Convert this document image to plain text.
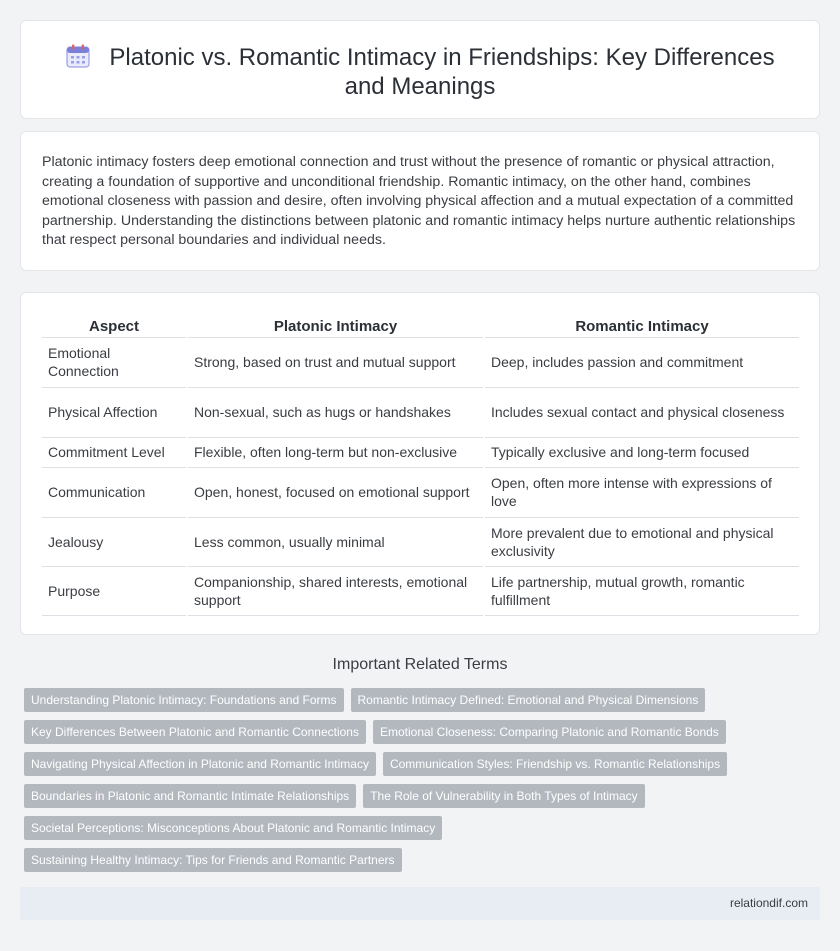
Platonic vs. Romantic Intimacy in Friendships: Key Differences and Meanings

Platonic intimacy fosters deep emotional connection and trust without the presence of romantic or physical attraction, creating a foundation of supportive and unconditional friendship. Romantic intimacy, on the other hand, combines emotional closeness with passion and desire, often involving physical affection and a mutual expectation of a committed partnership. Understanding the distinctions between platonic and romantic intimacy helps nurture authentic relationships that respect personal boundaries and individual needs.

Aspect	Platonic Intimacy	Romantic Intimacy
Emotional Connection	Strong, based on trust and mutual support	Deep, includes passion and commitment
Physical Affection	Non-sexual, such as hugs or handshakes	Includes sexual contact and physical closeness
Commitment Level	Flexible, often long-term but non-exclusive	Typically exclusive and long-term focused
Communication	Open, honest, focused on emotional support	Open, often more intense with expressions of love
Jealousy	Less common, usually minimal	More prevalent due to emotional and physical exclusivity
Purpose	Companionship, shared interests, emotional support	Life partnership, mutual growth, romantic fulfillment
Important Related Terms
Understanding Platonic Intimacy: Foundations and Forms	Romantic Intimacy Defined: Emotional and Physical Dimensions
Key Differences Between Platonic and Romantic Connections	Emotional Closeness: Comparing Platonic and Romantic Bonds
Navigating Physical Affection in Platonic and Romantic Intimacy	Communication Styles: Friendship vs. Romantic Relationships
Boundaries in Platonic and Romantic Intimate Relationships	The Role of Vulnerability in Both Types of Intimacy
Societal Perceptions: Misconceptions About Platonic and Romantic Intimacy
Sustaining Healthy Intimacy: Tips for Friends and Romantic Partners
relationdif.com
